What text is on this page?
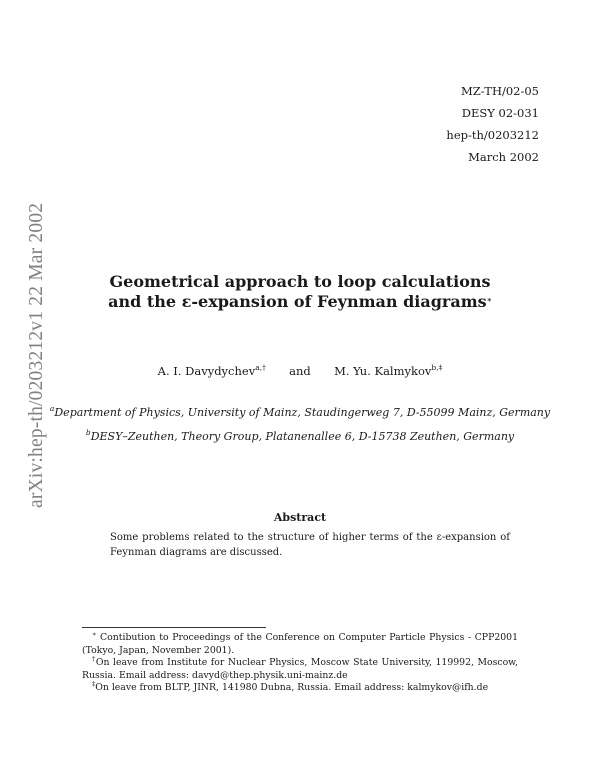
MZ-TH/02-05
DESY 02-031
hep-th/0203212
March 2002
arXiv:hep-th/0203212v1 22 Mar 2002	Geometrical approach to loop calculations
and the ε-expansion of Feynman diagrams∗
A. I. Davydychev$^{a,\dagger}$ and M. Yu. Kalmykov$^{b,\ddagger}$
$^a$Department of Physics, University of Mainz, Staudingerweg 7, D-55099 Mainz, Germany
$^b$DESY–Zeuthen, Theory Group, Platanenallee 6, D-15738 Zeuthen, Germany
Abstract
Some problems related to the structure of higher terms of the ε-expansion of Feynman diagrams are discussed.

∗ Contibution to Proceedings of the Conference on Computer Particle Physics - CPP2001 (Tokyo, Japan, November 2001).

†On leave from Institute for Nuclear Physics, Moscow State University, 119992, Moscow, Russia. Email address: davyd@thep.physik.uni-mainz.de

‡On leave from BLTP, JINR, 141980 Dubna, Russia. Email address: kalmykov@ifh.de
